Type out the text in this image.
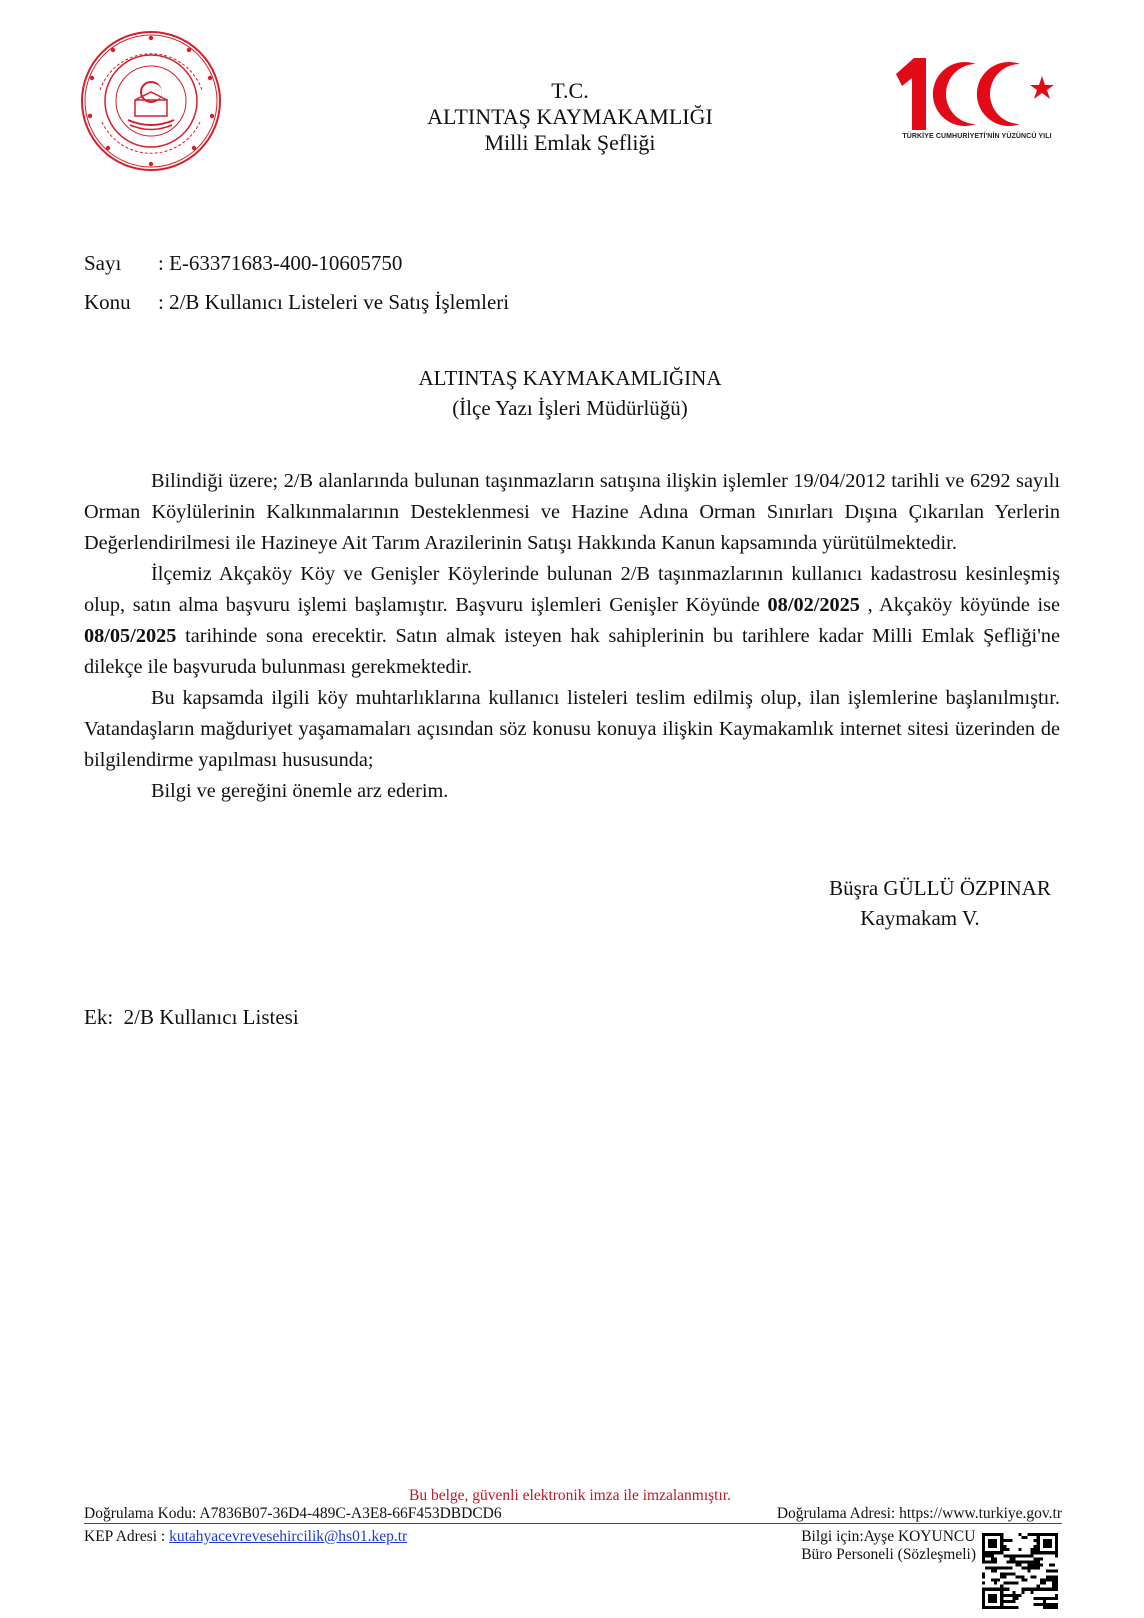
TÜRKİYE CUMHURİYETİ'NİN YÜZÜNCÜ YILI
T.C.
ALTINTAŞ KAYMAKAMLIĞI
Milli Emlak Şefliği
Sayı : E-63371683-400-10605750
Konu : 2/B Kullanıcı Listeleri ve Satış İşlemleri
ALTINTAŞ KAYMAKAMLIĞINA
(İlçe Yazı İşleri Müdürlüğü)

Bilindiği üzere; 2/B alanlarında bulunan taşınmazların satışına ilişkin işlemler 19/04/2012 tarihli ve 6292 sayılı Orman Köylülerinin Kalkınmalarının Desteklenmesi ve Hazine Adına Orman Sınırları Dışına Çıkarılan Yerlerin Değerlendirilmesi ile Hazineye Ait Tarım Arazilerinin Satışı Hakkında Kanun kapsamında yürütülmektedir.

İlçemiz Akçaköy Köy ve Genişler Köylerinde bulunan 2/B taşınmazlarının kullanıcı kadastrosu kesinleşmiş olup, satın alma başvuru işlemi başlamıştır. Başvuru işlemleri Genişler Köyünde 08/02/2025 , Akçaköy köyünde ise 08/05/2025 tarihinde sona erecektir. Satın almak isteyen hak sahiplerinin bu tarihlere kadar Milli Emlak Şefliği'ne dilekçe ile başvuruda bulunması gerekmektedir.

Bu kapsamda ilgili köy muhtarlıklarına kullanıcı listeleri teslim edilmiş olup, ilan işlemlerine başlanılmıştır. Vatandaşların mağduriyet yaşamamaları açısından söz konusu konuya ilişkin Kaymakamlık internet sitesi üzerinden de bilgilendirme yapılması hususunda;

Bilgi ve gereğini önemle arz ederim.

Büşra GÜLLÜ ÖZPINAR
Kaymakam V.
Ek: 2/B Kullanıcı Listesi
Bu belge, güvenli elektronik imza ile imzalanmıştır.
Doğrulama Kodu: A7836B07-36D4-489C-A3E8-66F453DBDCD6	Doğrulama Adresi: https://www.turkiye.gov.tr
KEP Adresi : kutahyacevrevesehircilik@hs01.kep.tr	Bilgi için:Ayşe KOYUNCU
Büro Personeli (Sözleşmeli)
